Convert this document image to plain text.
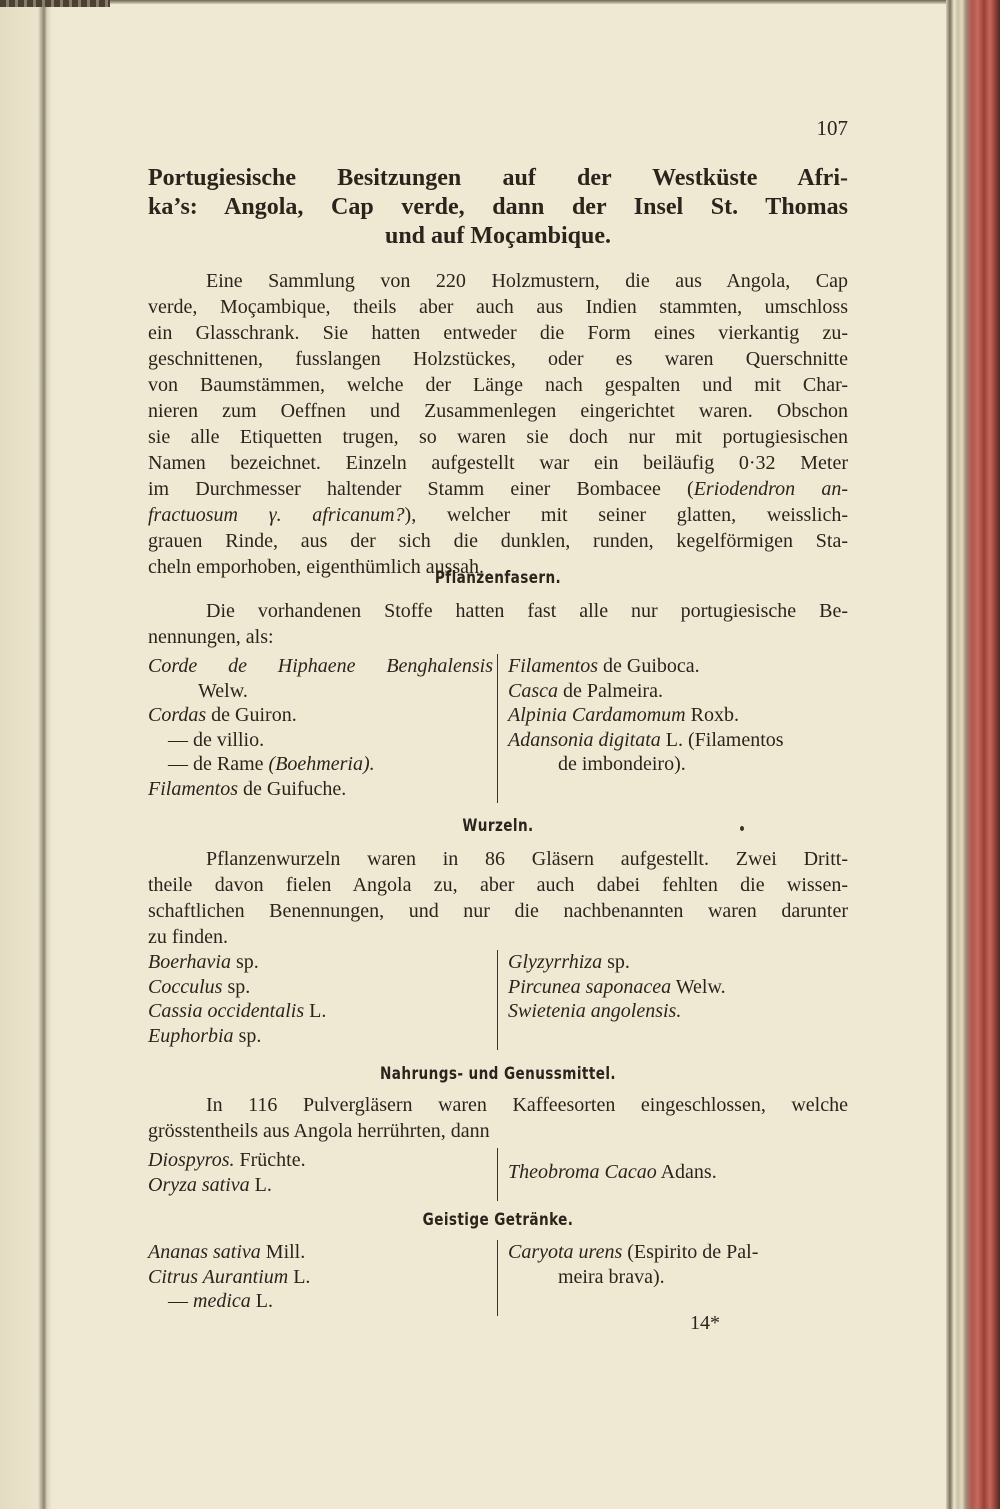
107
Portugiesische Besitzungen auf der Westküste Afri-
ka’s: Angola, Cap verde, dann der Insel St. Thomas
und auf Moçambique.
Eine Sammlung von 220 Holzmustern, die aus Angola, Cap
verde, Moçambique, theils aber auch aus Indien stammten, umschloss
ein Glasschrank. Sie hatten entweder die Form eines vierkantig zu-
geschnittenen, fusslangen Holzstückes, oder es waren Querschnitte
von Baumstämmen, welche der Länge nach gespalten und mit Char-
nieren zum Oeffnen und Zusammenlegen eingerichtet waren. Obschon
sie alle Etiquetten trugen, so waren sie doch nur mit portugiesischen
Namen bezeichnet. Einzeln aufgestellt war ein beiläufig 0·32 Meter
im Durchmesser haltender Stamm einer Bombacee (Eriodendron an-
fractuosum γ. africanum?), welcher mit seiner glatten, weisslich-
grauen Rinde, aus der sich die dunklen, runden, kegelförmigen Sta-
cheln emporhoben, eigenthümlich aussah.
Pflanzenfasern.
Die vorhandenen Stoffe hatten fast alle nur portugiesische Be-
nennungen, als:
Corde de Hiphaene Benghalensis
Welw.
Cordas de Guiron.
— de villio.
— de Rame (Boehmeria).
Filamentos de Guifuche.
Filamentos de Guiboca.
Casca de Palmeira.
Alpinia Cardamomum Roxb.
Adansonia digitata L. (Filamentos
de imbondeiro).
Wurzeln.
Pflanzenwurzeln waren in 86 Gläsern aufgestellt. Zwei Dritt-
theile davon fielen Angola zu, aber auch dabei fehlten die wissen-
schaftlichen Benennungen, und nur die nachbenannten waren darunter
zu finden.
Boerhavia sp.
Cocculus sp.
Cassia occidentalis L.
Euphorbia sp.
Glyzyrrhiza sp.
Pircunea saponacea Welw.
Swietenia angolensis.
Nahrungs- und Genussmittel.
In 116 Pulvergläsern waren Kaffeesorten eingeschlossen, welche
grösstentheils aus Angola herrührten, dann
Diospyros. Früchte.
Oryza sativa L.
Theobroma Cacao Adans.
Geistige Getränke.
Ananas sativa Mill.
Citrus Aurantium L.
— medica L.
Caryota urens (Espirito de Pal-
meira brava).
14*
